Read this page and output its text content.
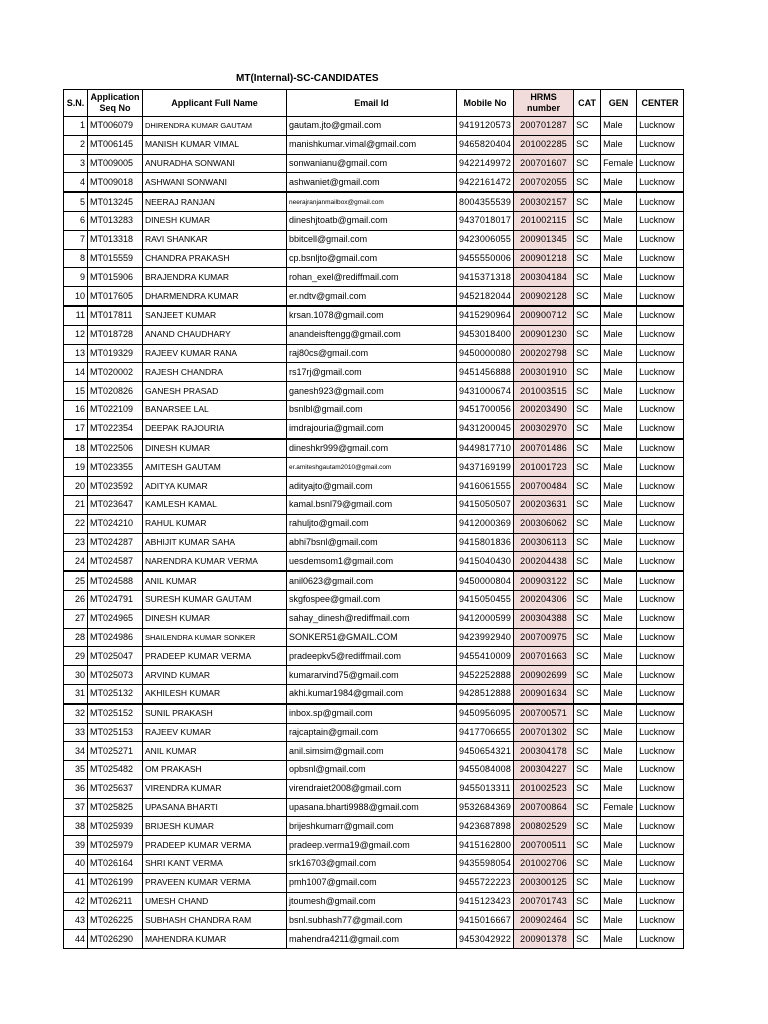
MT(Internal)-SC-CANDIDATES
S.N.	Application Seq No	Applicant Full Name	Email Id	Mobile No	HRMS number	CAT	GEN	CENTER
1	MT006079	DHIRENDRA KUMAR GAUTAM	gautam.jto@gmail.com	9419120573	200701287	SC	Male	Lucknow
2	MT006145	MANISH KUMAR VIMAL	manishkumar.vimal@gmail.com	9465820404	201002285	SC	Male	Lucknow
3	MT009005	ANURADHA SONWANI	sonwanianu@gmail.com	9422149972	200701607	SC	Female	Lucknow
4	MT009018	ASHWANI SONWANI	ashwaniet@gmail.com	9422161472	200702055	SC	Male	Lucknow
5	MT013245	NEERAJ RANJAN	neerajranjanmailbox@gmail.com	8004355539	200302157	SC	Male	Lucknow
6	MT013283	DINESH KUMAR	dineshjtoatb@gmail.com	9437018017	201002115	SC	Male	Lucknow
7	MT013318	RAVI SHANKAR	bbitcell@gmail.com	9423006055	200901345	SC	Male	Lucknow
8	MT015559	CHANDRA PRAKASH	cp.bsnljto@gmail.com	9455550006	200901218	SC	Male	Lucknow
9	MT015906	BRAJENDRA KUMAR	rohan_exel@rediffmail.com	9415371318	200304184	SC	Male	Lucknow
10	MT017605	DHARMENDRA KUMAR	er.ndtv@gmail.com	9452182044	200902128	SC	Male	Lucknow
11	MT017811	SANJEET KUMAR	krsan.1078@gmail.com	9415290964	200900712	SC	Male	Lucknow
12	MT018728	ANAND CHAUDHARY	anandeisftengg@gmail.com	9453018400	200901230	SC	Male	Lucknow
13	MT019329	RAJEEV KUMAR RANA	raj80cs@gmail.com	9450000080	200202798	SC	Male	Lucknow
14	MT020002	RAJESH CHANDRA	rs17rj@gmail.com	9451456888	200301910	SC	Male	Lucknow
15	MT020826	GANESH PRASAD	ganesh923@gmail.com	9431000674	201003515	SC	Male	Lucknow
16	MT022109	BANARSEE LAL	bsnlbl@gmail.com	9451700056	200203490	SC	Male	Lucknow
17	MT022354	DEEPAK RAJOURIA	imdrajouria@gmail.com	9431200045	200302970	SC	Male	Lucknow
18	MT022506	DINESH KUMAR	dineshkr999@gmail.com	9449817710	200701486	SC	Male	Lucknow
19	MT023355	AMITESH GAUTAM	er.amiteshgautam2010@gmail.com	9437169199	201001723	SC	Male	Lucknow
20	MT023592	ADITYA KUMAR	adityajto@gmail.com	9416061555	200700484	SC	Male	Lucknow
21	MT023647	KAMLESH KAMAL	kamal.bsnl79@gmail.com	9415050507	200203631	SC	Male	Lucknow
22	MT024210	RAHUL KUMAR	rahuljto@gmail.com	9412000369	200306062	SC	Male	Lucknow
23	MT024287	ABHIJIT KUMAR SAHA	abhi7bsnl@gmail.com	9415801836	200306113	SC	Male	Lucknow
24	MT024587	NARENDRA KUMAR VERMA	uesdemsom1@gmail.com	9415040430	200204438	SC	Male	Lucknow
25	MT024588	ANIL KUMAR	anil0623@gmail.com	9450000804	200903122	SC	Male	Lucknow
26	MT024791	SURESH KUMAR GAUTAM	skgfospee@gmail.com	9415050455	200204306	SC	Male	Lucknow
27	MT024965	DINESH KUMAR	sahay_dinesh@rediffmail.com	9412000599	200304388	SC	Male	Lucknow
28	MT024986	SHAILENDRA KUMAR SONKER	SONKER51@GMAIL.COM	9423992940	200700975	SC	Male	Lucknow
29	MT025047	PRADEEP KUMAR VERMA	pradeepkv5@rediffmail.com	9455410009	200701663	SC	Male	Lucknow
30	MT025073	ARVIND KUMAR	kumararvind75@gmail.com	9452252888	200902699	SC	Male	Lucknow
31	MT025132	AKHILESH KUMAR	akhi.kumar1984@gmail.com	9428512888	200901634	SC	Male	Lucknow
32	MT025152	SUNIL PRAKASH	inbox.sp@gmail.com	9450956095	200700571	SC	Male	Lucknow
33	MT025153	RAJEEV KUMAR	rajcaptain@gmail.com	9417706655	200701302	SC	Male	Lucknow
34	MT025271	ANIL KUMAR	anil.simsim@gmail.com	9450654321	200304178	SC	Male	Lucknow
35	MT025482	OM PRAKASH	opbsnl@gmail.com	9455084008	200304227	SC	Male	Lucknow
36	MT025637	VIRENDRA KUMAR	virendraiet2008@gmail.com	9455013311	201002523	SC	Male	Lucknow
37	MT025825	UPASANA BHARTI	upasana.bharti9988@gmail.com	9532684369	200700864	SC	Female	Lucknow
38	MT025939	BRIJESH KUMAR	brijeshkumarr@gmail.com	9423687898	200802529	SC	Male	Lucknow
39	MT025979	PRADEEP KUMAR VERMA	pradeep.verma19@gmail.com	9415162800	200700511	SC	Male	Lucknow
40	MT026164	SHRI KANT VERMA	srk16703@gmail.com	9435598054	201002706	SC	Male	Lucknow
41	MT026199	PRAVEEN KUMAR VERMA	pmh1007@gmail.com	9455722223	200300125	SC	Male	Lucknow
42	MT026211	UMESH CHAND	jtoumesh@gmail.com	9415123423	200701743	SC	Male	Lucknow
43	MT026225	SUBHASH CHANDRA RAM	bsnl.subhash77@gmail.com	9415016667	200902464	SC	Male	Lucknow
44	MT026290	MAHENDRA KUMAR	mahendra4211@gmail.com	9453042922	200901378	SC	Male	Lucknow
